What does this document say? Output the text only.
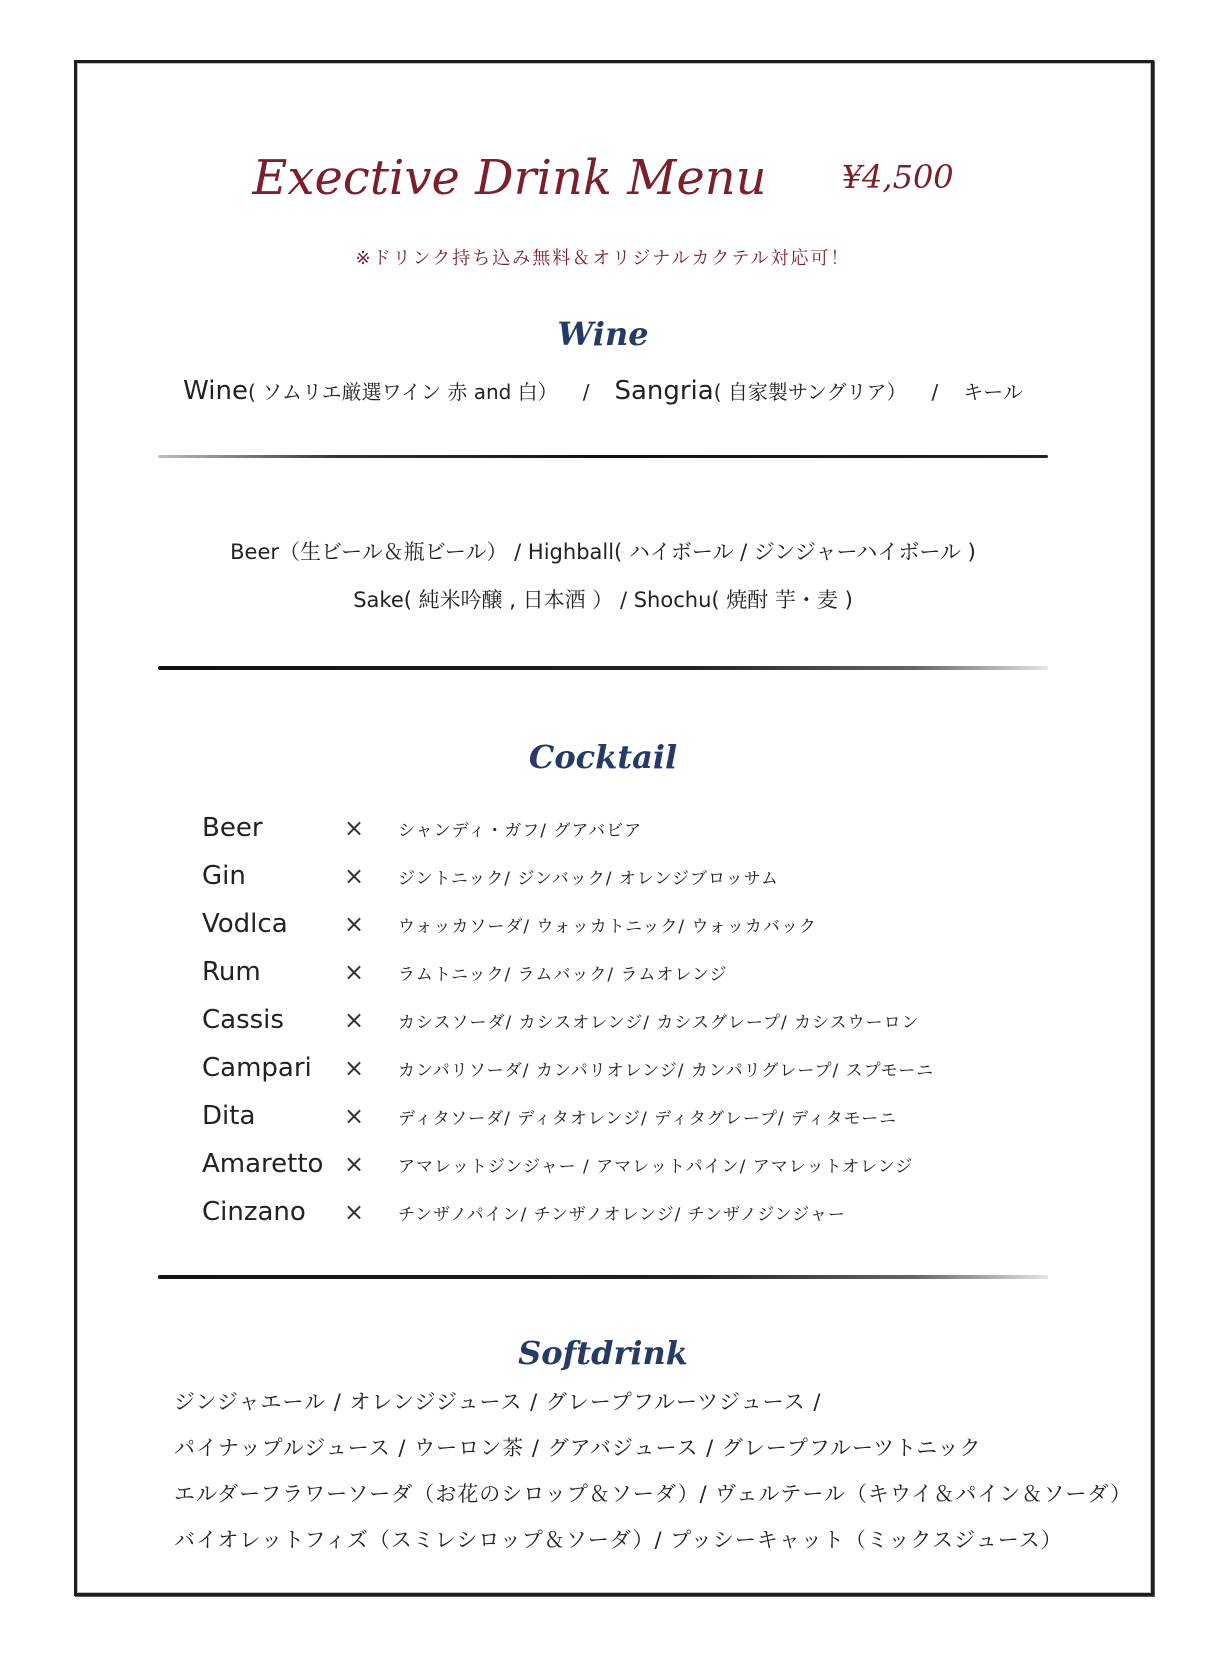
Exective Drink Menu ¥4,500
※ドリンク持ち込み無料＆オリジナルカクテル対応可！
Wine
Wine( ソムリエ厳選ワイン 赤 and 白） / Sangria( 自家製サングリア） / キール
Beer（生ビール＆瓶ビール） / Highball( ハイボール / ジンジャーハイボール )
Sake( 純米吟醸 , 日本酒 ） / Shochu( 焼酎 芋・麦 )
Cocktail
Beer	×	シャンディ・ガフ/ グアバビア
Gin	×	ジントニック/ ジンバック/ オレンジブロッサム
Vodlca	×	ウォッカソーダ/ ウォッカトニック/ ウォッカバック
Rum	×	ラムトニック/ ラムバック/ ラムオレンジ
Cassis	×	カシスソーダ/ カシスオレンジ/ カシスグレープ/ カシスウーロン
Campari	×	カンパリソーダ/ カンパリオレンジ/ カンパリグレープ/ スプモーニ
Dita	×	ディタソーダ/ ディタオレンジ/ ディタグレープ/ ディタモーニ
Amaretto ×	アマレットジンジャー / アマレットパイン/ アマレットオレンジ
Cinzano	×	チンザノパイン/ チンザノオレンジ/ チンザノジンジャー
Softdrink
ジンジャエール / オレンジジュース / グレープフルーツジュース /
パイナップルジュース / ウーロン茶 / グアバジュース / グレープフルーツトニック
エルダーフラワーソーダ（お花のシロップ＆ソーダ）/ ヴェルテール（キウイ＆パイン＆ソーダ）
バイオレットフィズ（スミレシロップ＆ソーダ）/ プッシーキャット（ミックスジュース）
